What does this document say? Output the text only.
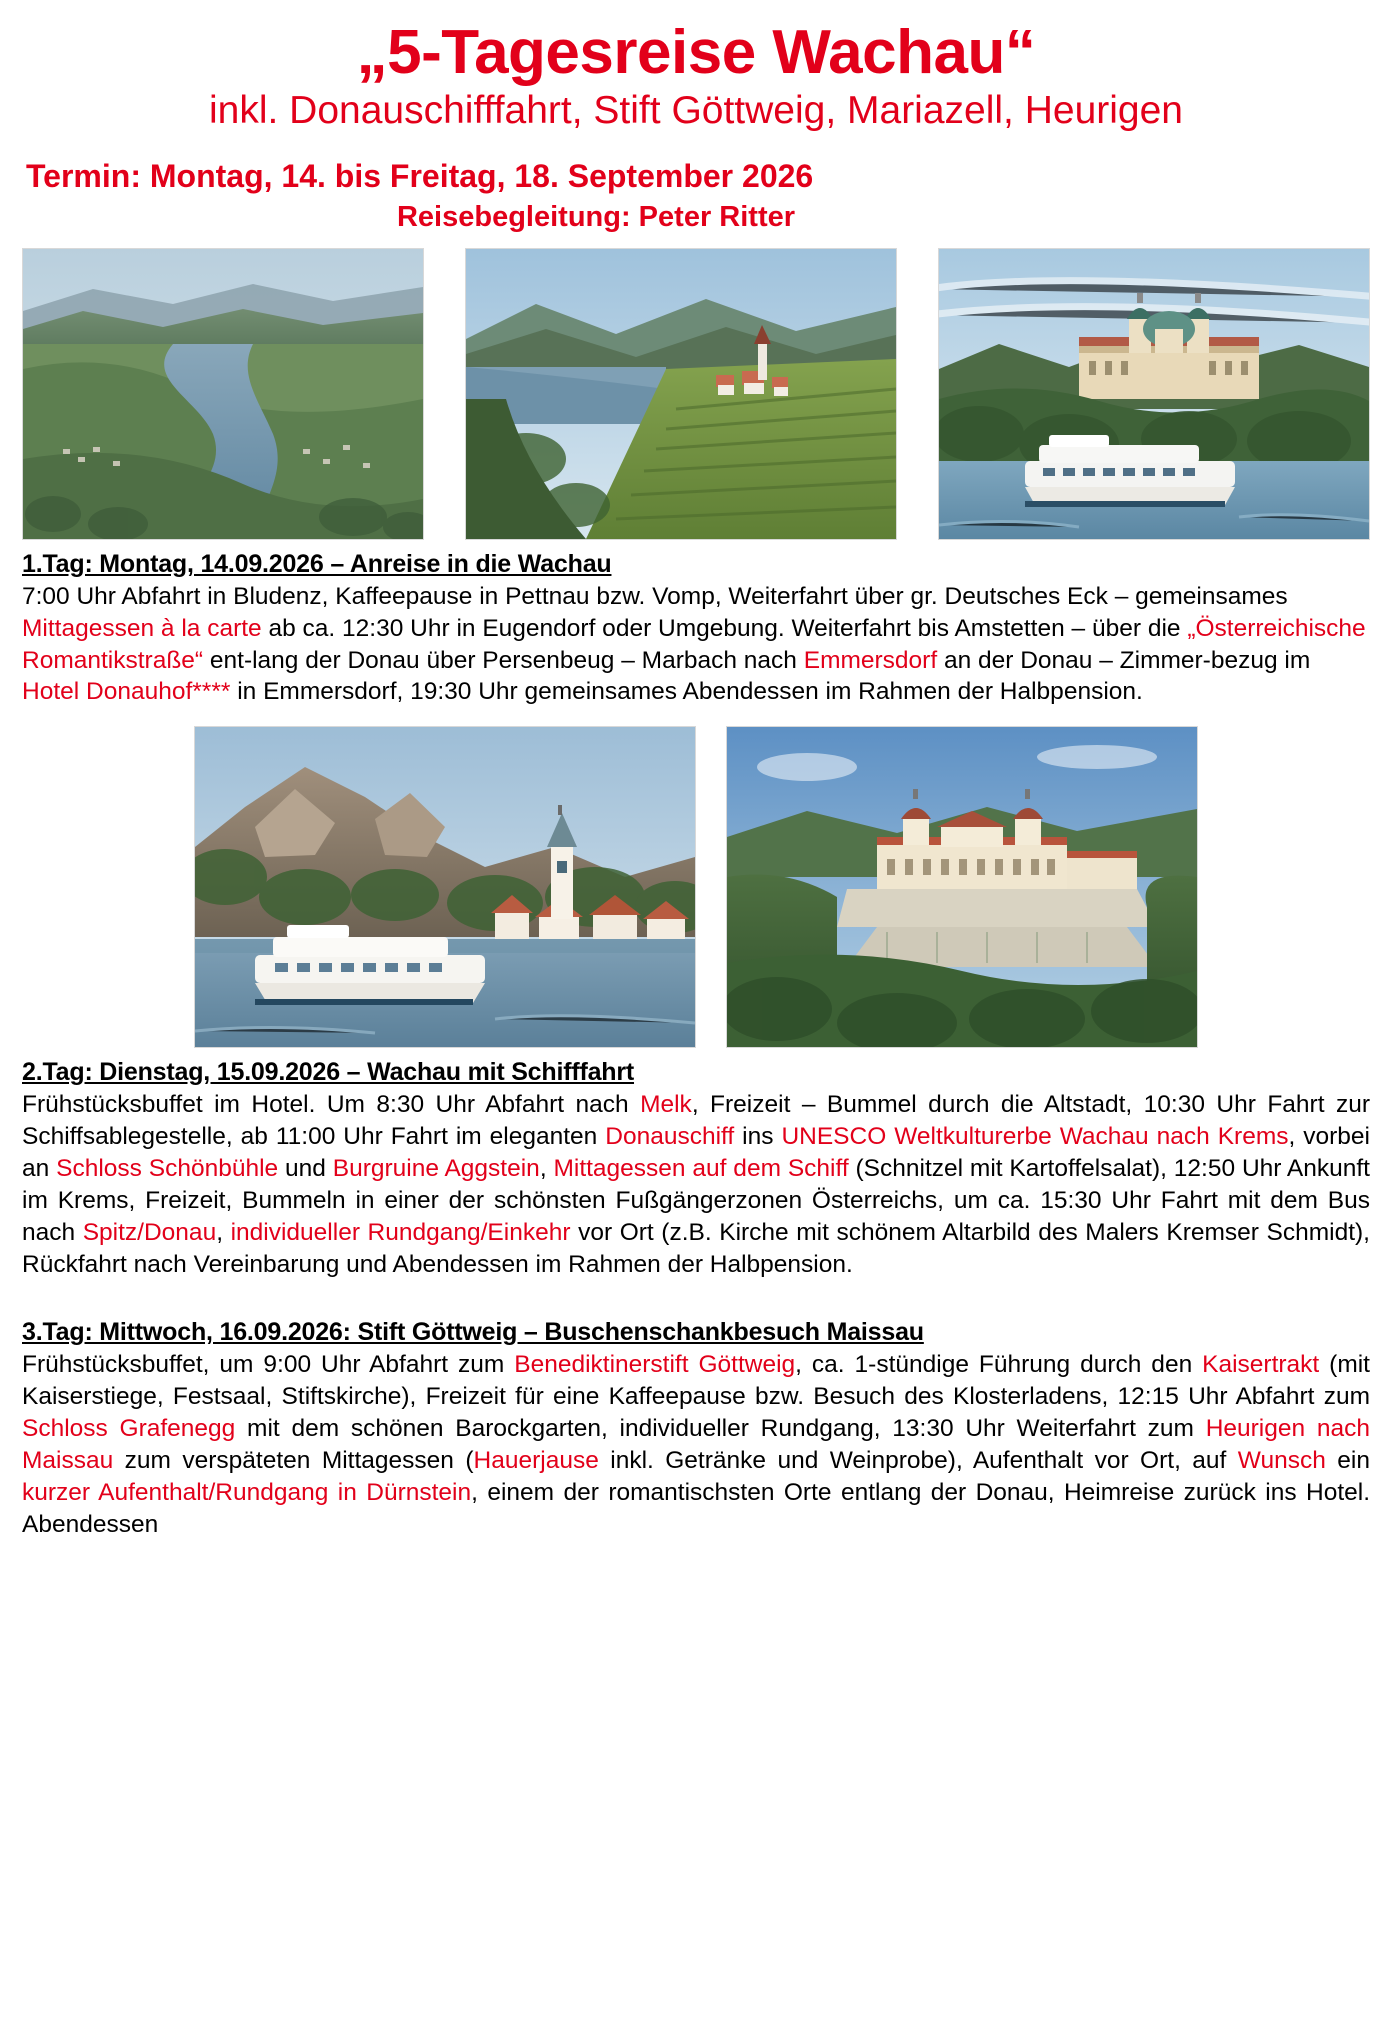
„5-Tagesreise Wachau“
inkl. Donauschifffahrt, Stift Göttweig, Mariazell, Heurigen
Termin: Montag, 14. bis Freitag, 18. September 2026
Reisebegleitung: Peter Ritter
1.Tag: Montag, 14.09.2026 – Anreise in die Wachau

7:00 Uhr Abfahrt in Bludenz, Kaffeepause in Pettnau bzw. Vomp, Weiterfahrt über gr. Deutsches Eck – gemeinsames Mittagessen à la carte ab ca. 12:30 Uhr in Eugendorf oder Umgebung. Weiterfahrt bis Amstetten – über die „Österreichische Romantikstraße“ ent-lang der Donau über Persenbeug – Marbach nach Emmersdorf an der Donau – Zimmer-bezug im Hotel Donauhof**** in Emmersdorf, 19:30 Uhr gemeinsames Abendessen im Rahmen der Halbpension.

2.Tag: Dienstag, 15.09.2026 – Wachau mit Schifffahrt

Frühstücksbuffet im Hotel. Um 8:30 Uhr Abfahrt nach Melk, Freizeit – Bummel durch die Altstadt, 10:30 Uhr Fahrt zur Schiffsablegestelle, ab 11:00 Uhr Fahrt im eleganten Donauschiff ins UNESCO Weltkulturerbe Wachau nach Krems, vorbei an Schloss Schönbühle und Burgruine Aggstein, Mittagessen auf dem Schiff (Schnitzel mit Kartoffelsalat), 12:50 Uhr Ankunft im Krems, Freizeit, Bummeln in einer der schönsten Fußgängerzonen Österreichs, um ca. 15:30 Uhr Fahrt mit dem Bus nach Spitz/Donau, individueller Rundgang/Einkehr vor Ort (z.B. Kirche mit schönem Altarbild des Malers Kremser Schmidt), Rückfahrt nach Vereinbarung und Abendessen im Rahmen der Halbpension.

3.Tag: Mittwoch, 16.09.2026: Stift Göttweig – Buschenschankbesuch Maissau

Frühstücksbuffet, um 9:00 Uhr Abfahrt zum Benediktinerstift Göttweig, ca. 1-stündige Führung durch den Kaisertrakt (mit Kaiserstiege, Festsaal, Stiftskirche), Freizeit für eine Kaffeepause bzw. Besuch des Klosterladens, 12:15 Uhr Abfahrt zum Schloss Grafenegg mit dem schönen Barockgarten, individueller Rundgang, 13:30 Uhr Weiterfahrt zum Heurigen nach Maissau zum verspäteten Mittagessen (Hauerjause inkl. Getränke und Weinprobe), Aufenthalt vor Ort, auf Wunsch ein kurzer Aufenthalt/Rundgang in Dürnstein, einem der romantischsten Orte entlang der Donau, Heimreise zurück ins Hotel. Abendessen
